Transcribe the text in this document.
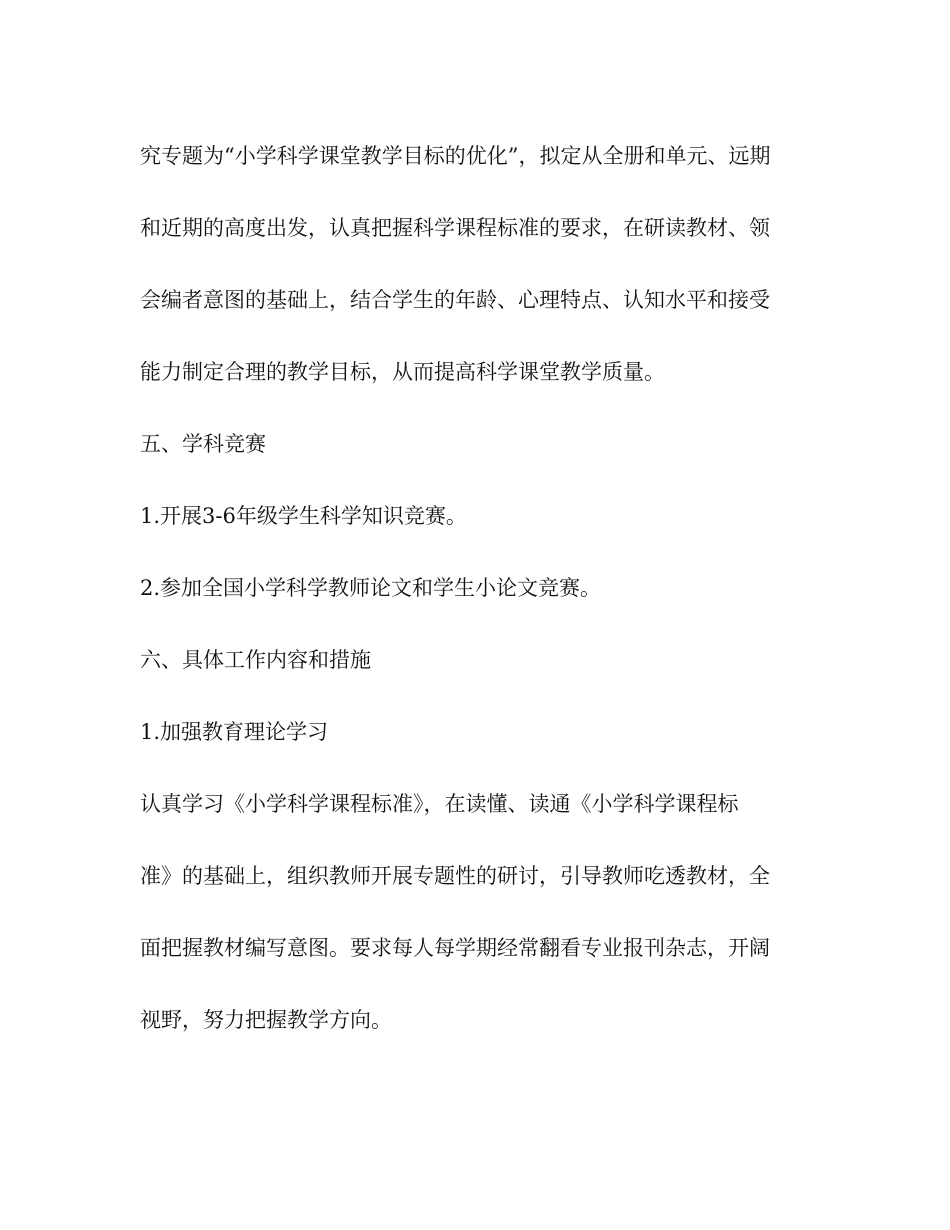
究专题为“小学科学课堂教学目标的优化”，拟定从全册和单元、远期

和近期的高度出发，认真把握科学课程标准的要求，在研读教材、领

会编者意图的基础上，结合学生的年龄、心理特点、认知水平和接受

能力制定合理的教学目标，从而提高科学课堂教学质量。

五、学科竞赛

1.开展3-6年级学生科学知识竞赛。

2.参加全国小学科学教师论文和学生小论文竞赛。

六、具体工作内容和措施

1.加强教育理论学习

认真学习《小学科学课程标准》，在读懂、读通《小学科学课程标

准》的基础上，组织教师开展专题性的研讨，引导教师吃透教材，全

面把握教材编写意图。要求每人每学期经常翻看专业报刊杂志，开阔

视野，努力把握教学方向。
